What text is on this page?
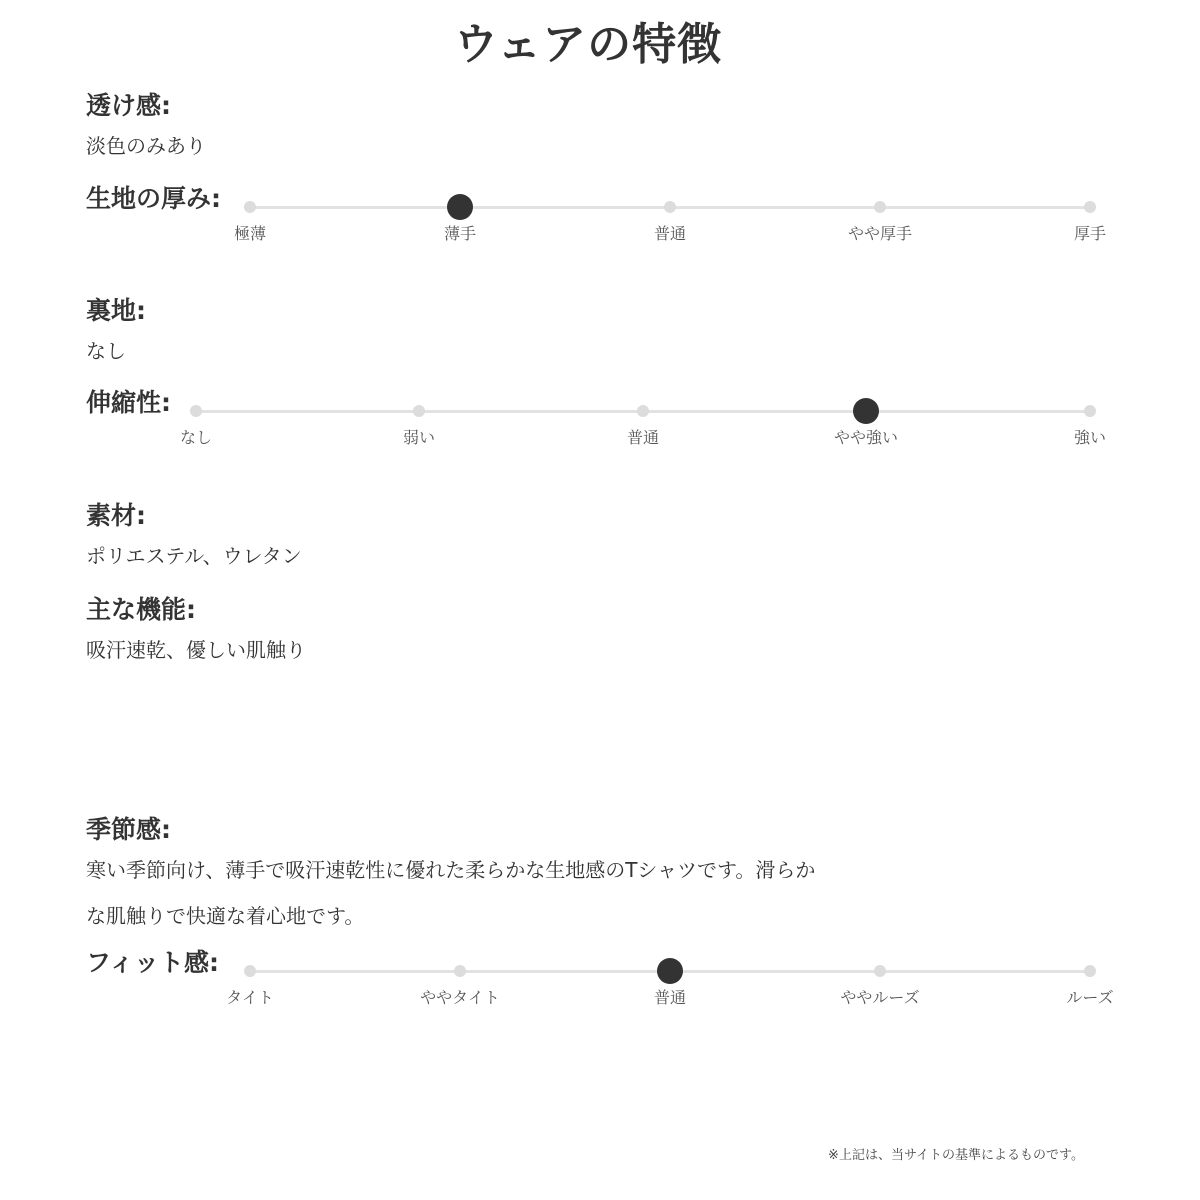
ウェアの特徴
透け感:
淡色のみあり
生地の厚み:
極薄	薄手	普通	やや厚手	厚手
裏地:
なし
伸縮性:
なし	弱い	普通	やや強い	強い
素材:
ポリエステル、ウレタン
主な機能:
吸汗速乾、優しい肌触り
季節感:
寒い季節向け、薄手で吸汗速乾性に優れた柔らかな生地感のTシャツです。滑らか
な肌触りで快適な着心地です。
フィット感:
タイト	ややタイト	普通	ややルーズ	ルーズ
※上記は、当サイトの基準によるものです。
